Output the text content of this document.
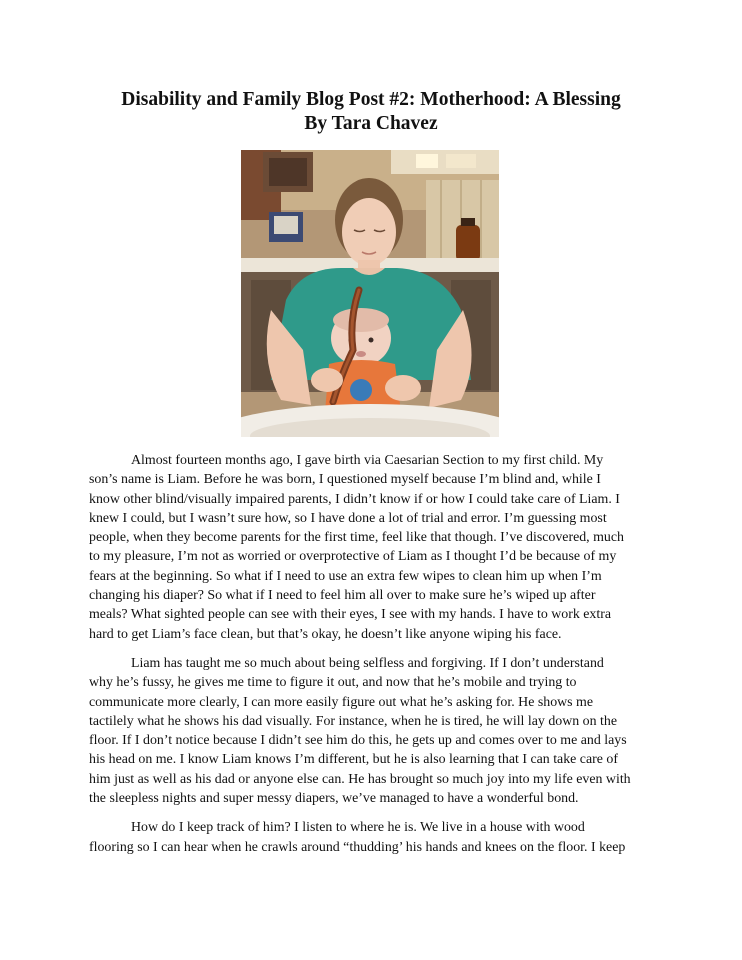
Disability and Family Blog Post #2: Motherhood: A Blessing
By Tara Chavez

Almost fourteen months ago, I gave birth via Caesarian Section to my first child. My
son’s name is Liam. Before he was born, I questioned myself because I’m blind and, while I
know other blind/visually impaired parents, I didn’t know if or how I could take care of Liam. I
knew I could, but I wasn’t sure how, so I have done a lot of trial and error. I’m guessing most
people, when they become parents for the first time, feel like that though. I’ve discovered, much
to my pleasure, I’m not as worried or overprotective of Liam as I thought I’d be because of my
fears at the beginning. So what if I need to use an extra few wipes to clean him up when I’m
changing his diaper? So what if I need to feel him all over to make sure he’s wiped up after
meals? What sighted people can see with their eyes, I see with my hands. I have to work extra
hard to get Liam’s face clean, but that’s okay, he doesn’t like anyone wiping his face.

Liam has taught me so much about being selfless and forgiving. If I don’t understand
why he’s fussy, he gives me time to figure it out, and now that he’s mobile and trying to
communicate more clearly, I can more easily figure out what he’s asking for. He shows me
tactilely what he shows his dad visually. For instance, when he is tired, he will lay down on the
floor. If I don’t notice because I didn’t see him do this, he gets up and comes over to me and lays
his head on me. I know Liam knows I’m different, but he is also learning that I can take care of
him just as well as his dad or anyone else can. He has brought so much joy into my life even with
the sleepless nights and super messy diapers, we’ve managed to have a wonderful bond.

How do I keep track of him? I listen to where he is. We live in a house with wood
flooring so I can hear when he crawls around “thudding’ his hands and knees on the floor. I keep
